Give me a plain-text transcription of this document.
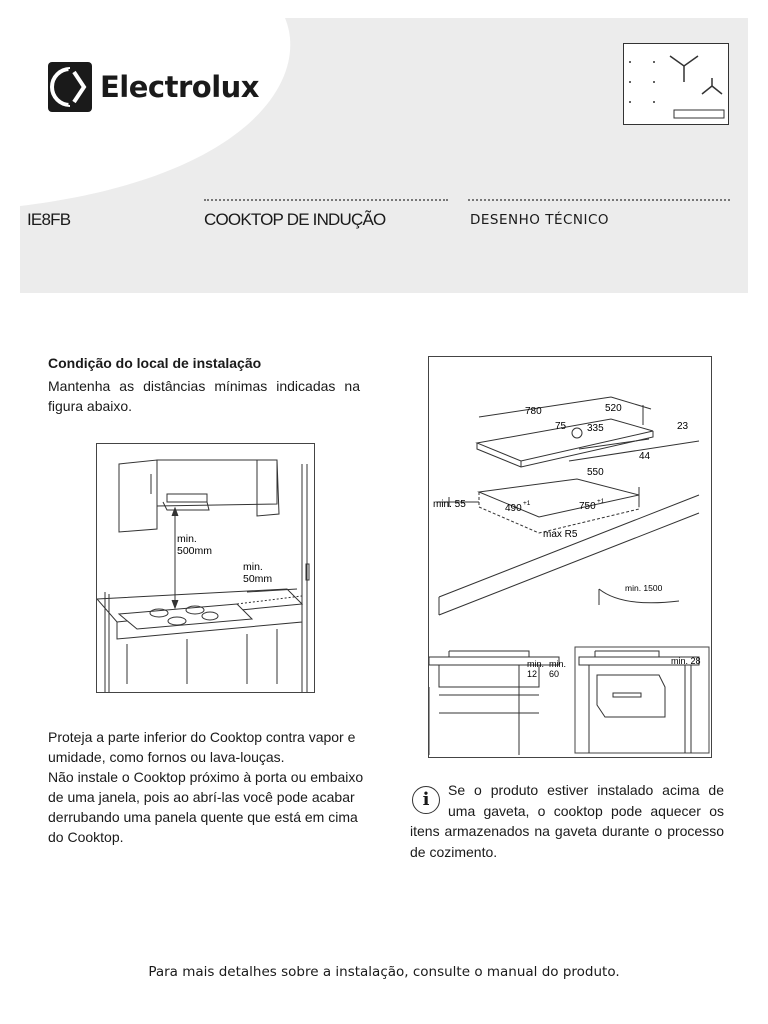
Electrolux
IE8FB	COOKTOP DE INDUÇÃO	DESENHO TÉCNICO
Condição do local de instalação
Mantenha as distâncias mínimas indicadas na figura abaixo.
min.
500mm
min.
50mm
780	520
75 335	23
550
44
min. 55	490 +1	750 +1
max R5
min. 1500
min.
12
min.
60
min. 28
Proteja a parte inferior do Cooktop contra vapor e umidade, como fornos ou lava-louças.
Não instale o Cooktop próximo à porta ou embaixo de uma janela, pois ao abrí-las você pode acabar derrubando uma panela quente que está em cima do Cooktop.
i	Se o produto estiver instalado acima de uma gaveta, o cooktop pode aquecer os itens armazenados na gaveta durante o processo de cozimento.
Para mais detalhes sobre a instalação, consulte o manual do produto.
